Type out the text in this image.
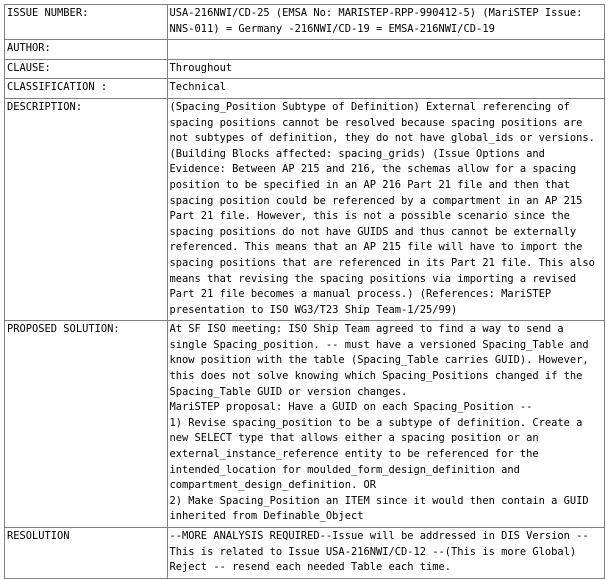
ISSUE NUMBER:	USA-216NWI/CD-25 (EMSA No: MARISTEP-RPP-990412-5) (MariSTEP Issue: NNS-011) = Germany -216NWI/CD-19 = EMSA-216NWI/CD-19
AUTHOR:	
CLAUSE:	Throughout
CLASSIFICATION :	Technical
DESCRIPTION:	(Spacing_Position Subtype of Definition) External referencing of spacing positions cannot be resolved because spacing positions are not subtypes of definition, they do not have global_ids or versions. (Building Blocks affected: spacing_grids) (Issue Options and Evidence: Between AP 215 and 216, the schemas allow for a spacing position to be specified in an AP 216 Part 21 file and then that spacing position could be referenced by a compartment in an AP 215 Part 21 file. However, this is not a possible scenario since the spacing positions do not have GUIDS and thus cannot be externally referenced. This means that an AP 215 file will have to import the spacing positions that are referenced in its Part 21 file. This also means that revising the spacing positions via importing a revised Part 21 file becomes a manual process.) (References: MariSTEP presentation to ISO WG3/T23 Ship Team-1/25/99)
PROPOSED SOLUTION:	At SF ISO meeting: ISO Ship Team agreed to find a way to send a single Spacing_position. -- must have a versioned Spacing_Table and know position with the table (Spacing_Table carries GUID). However, this does not solve knowing which Spacing_Positions changed if the Spacing_Table GUID or version changes.
MariSTEP proposal: Have a GUID on each Spacing_Position --
1) Revise spacing_position to be a subtype of definition. Create a new SELECT type that allows either a spacing position or an external_instance_reference entity to be referenced for the intended_location for moulded_form_design_definition and compartment_design_definition. OR
2) Make Spacing_Position an ITEM since it would then contain a GUID inherited from Definable_Object

RESOLUTION	--MORE ANALYSIS REQUIRED--Issue will be addressed in DIS Version --This is related to Issue USA-216NWI/CD-12 --(This is more Global) Reject -- resend each needed Table each time.
